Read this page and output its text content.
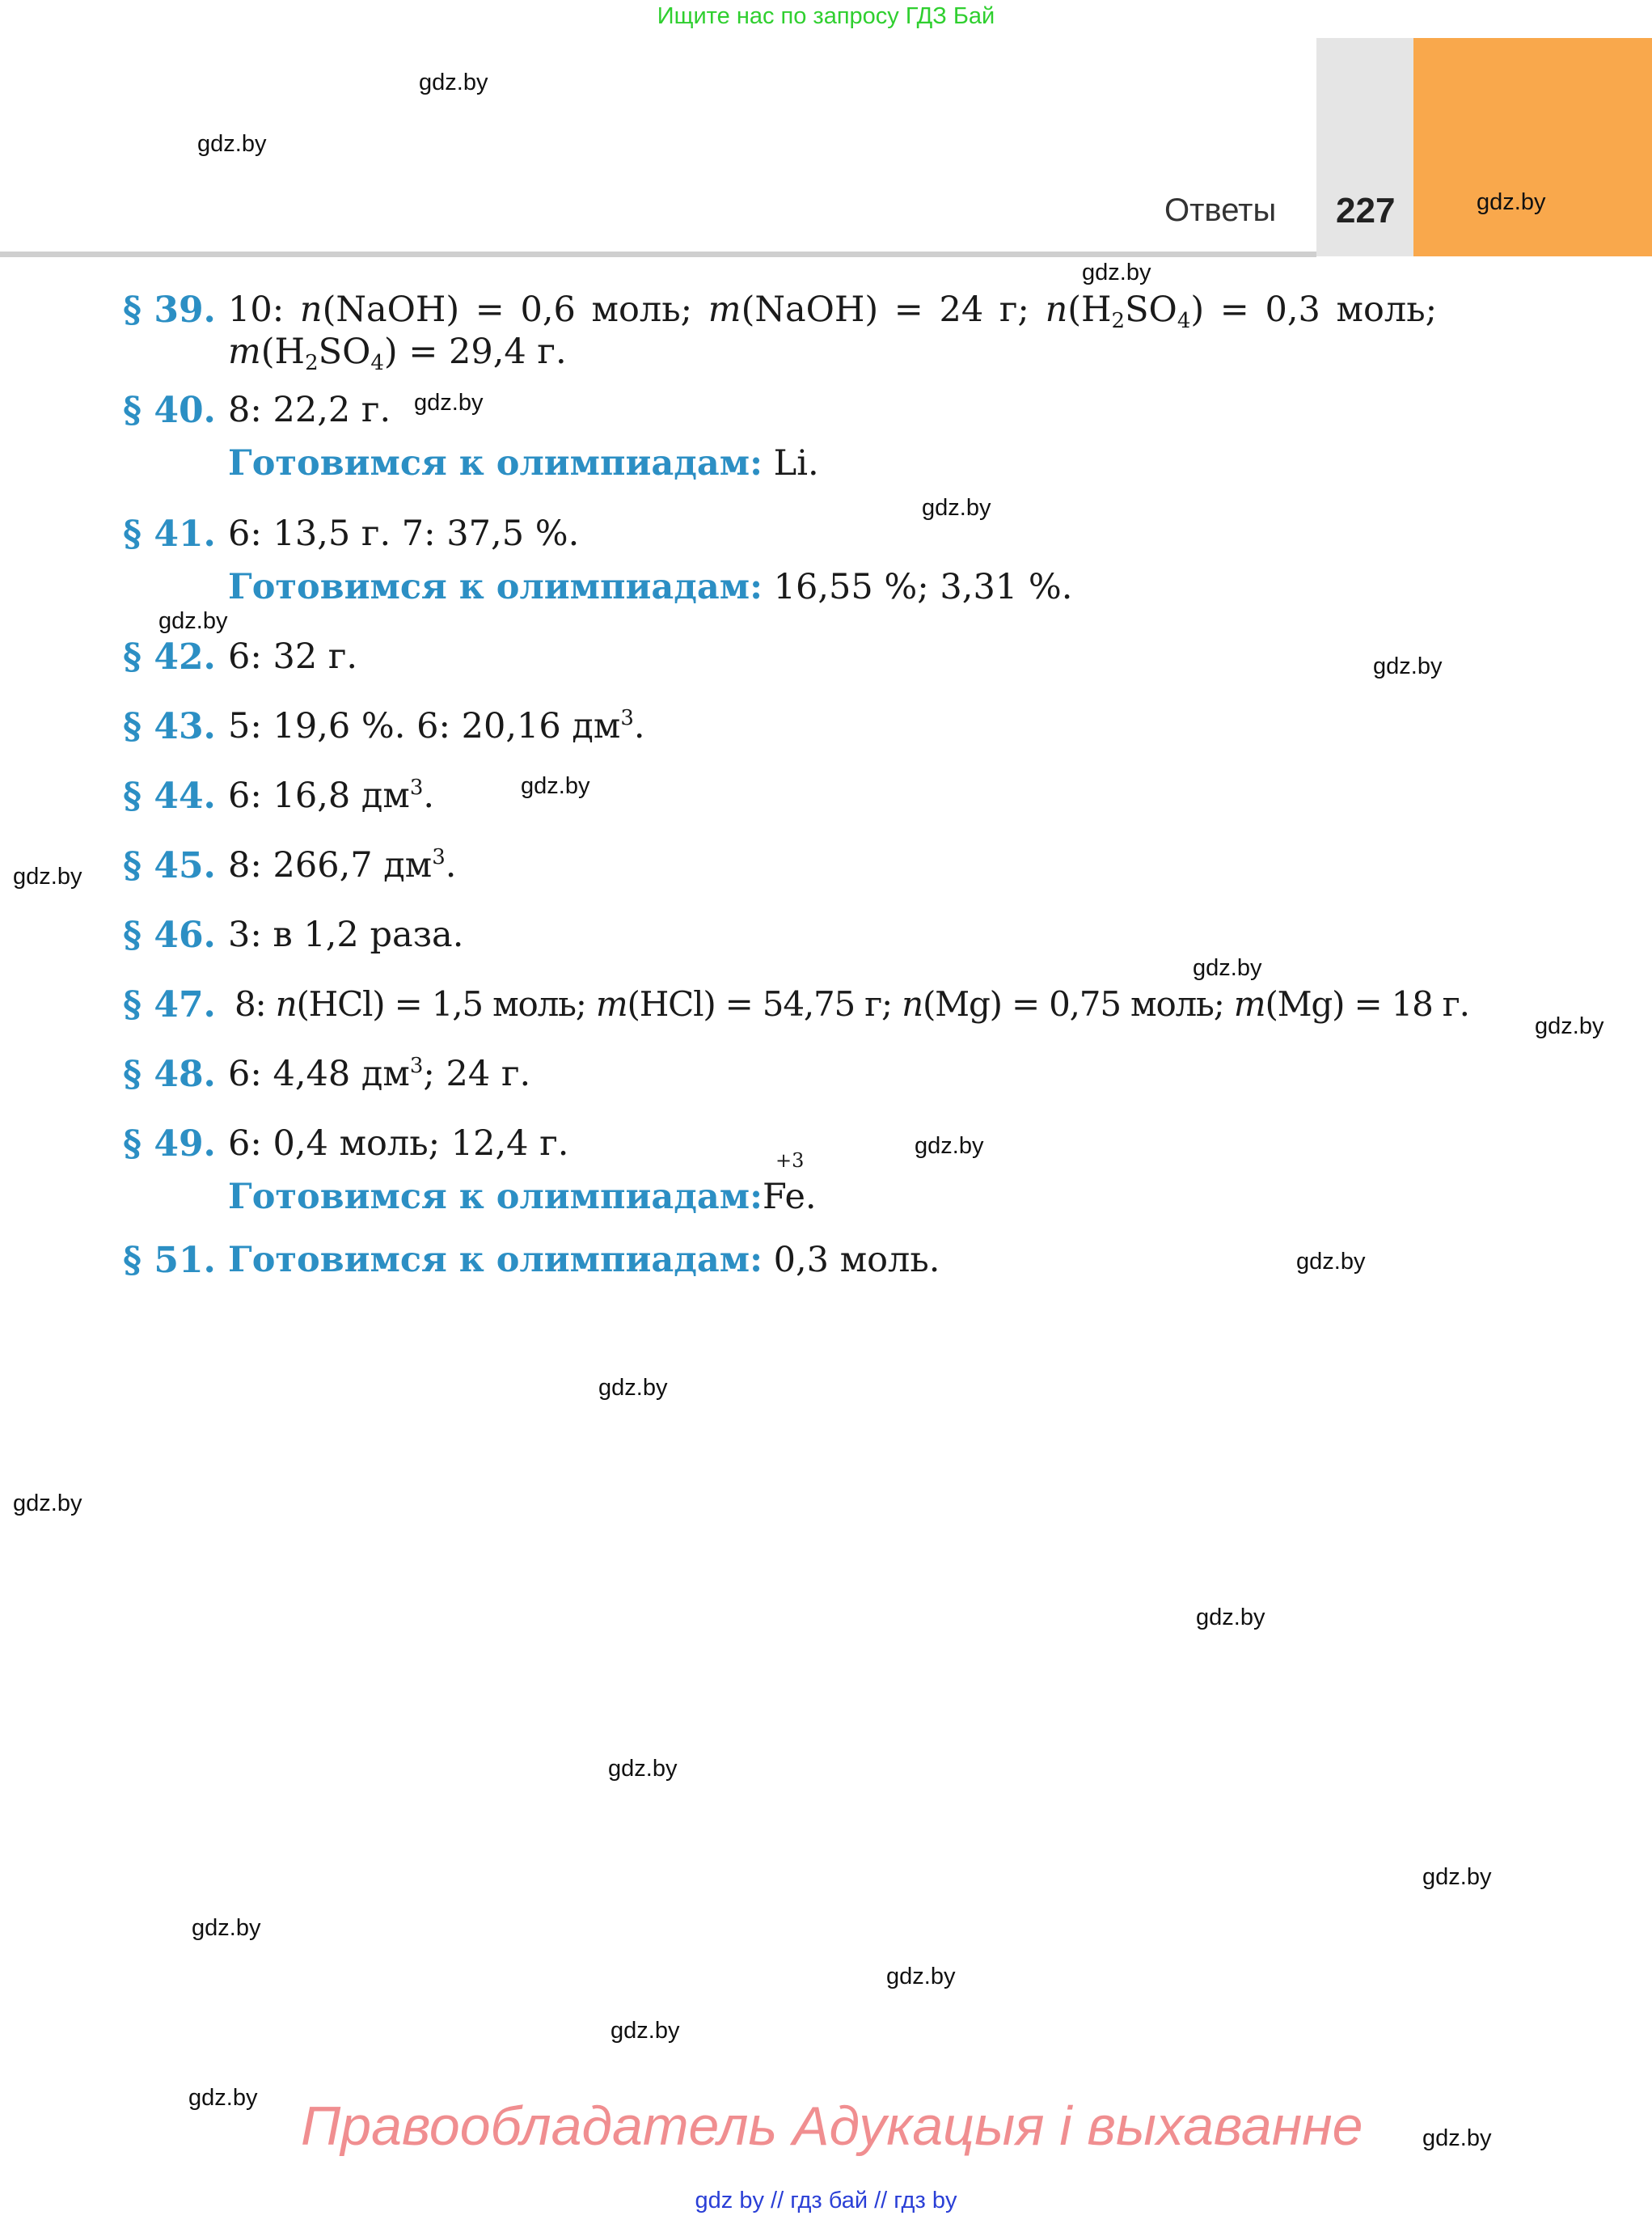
Ищите нас по запросу ГДЗ Бай
Ответы 227
gdz.by
gdz.by
gdz.by
gdz.by
gdz.by
gdz.by
gdz.by
gdz.by
gdz.by
gdz.by
gdz.by
gdz.by
gdz.by
gdz.by
gdz.by
gdz.by
gdz.by
gdz.by
gdz.by
gdz.by
gdz.by
gdz.by
gdz.by
gdz.by
§ 39. 10: n(NaOH) = 0,6 моль; m(NaOH) = 24 г; $n(H_2SO_4) = 0,3$ моль;
$m(H_2SO_4) = 29,4$ г.
§ 40. 8: 22,2 г.
Готовимся к олимпиадам: Li.
§ 41. 6: 13,5 г. 7: 37,5 %.
Готовимся к олимпиадам: 16,55 %; 3,31 %.
§ 42. 6: 32 г.
§ 43. 5: 19,6 %. 6: 20,16 $дм^3$.
§ 44. 6: 16,8 $дм^3$.
§ 45. 8: 266,7 $дм^3$.
§ 46. 3: в 1,2 раза.
§ 47. 8: n(HCl) = 1,5 моль; m(HCl) = 54,75 г; n(Mg) = 0,75 моль; m(Mg) = 18 г.
§ 48. 6: 4,48 $дм^3$; 24 г.
§ 49. 6: 0,4 моль; 12,4 г.
Готовимся к олимпиадам:Fe.
+3
§ 51. Готовимся к олимпиадам: 0,3 моль.
Правообладатель Адукацыя і выхаванне
gdz by // гдз бай // гдз by
